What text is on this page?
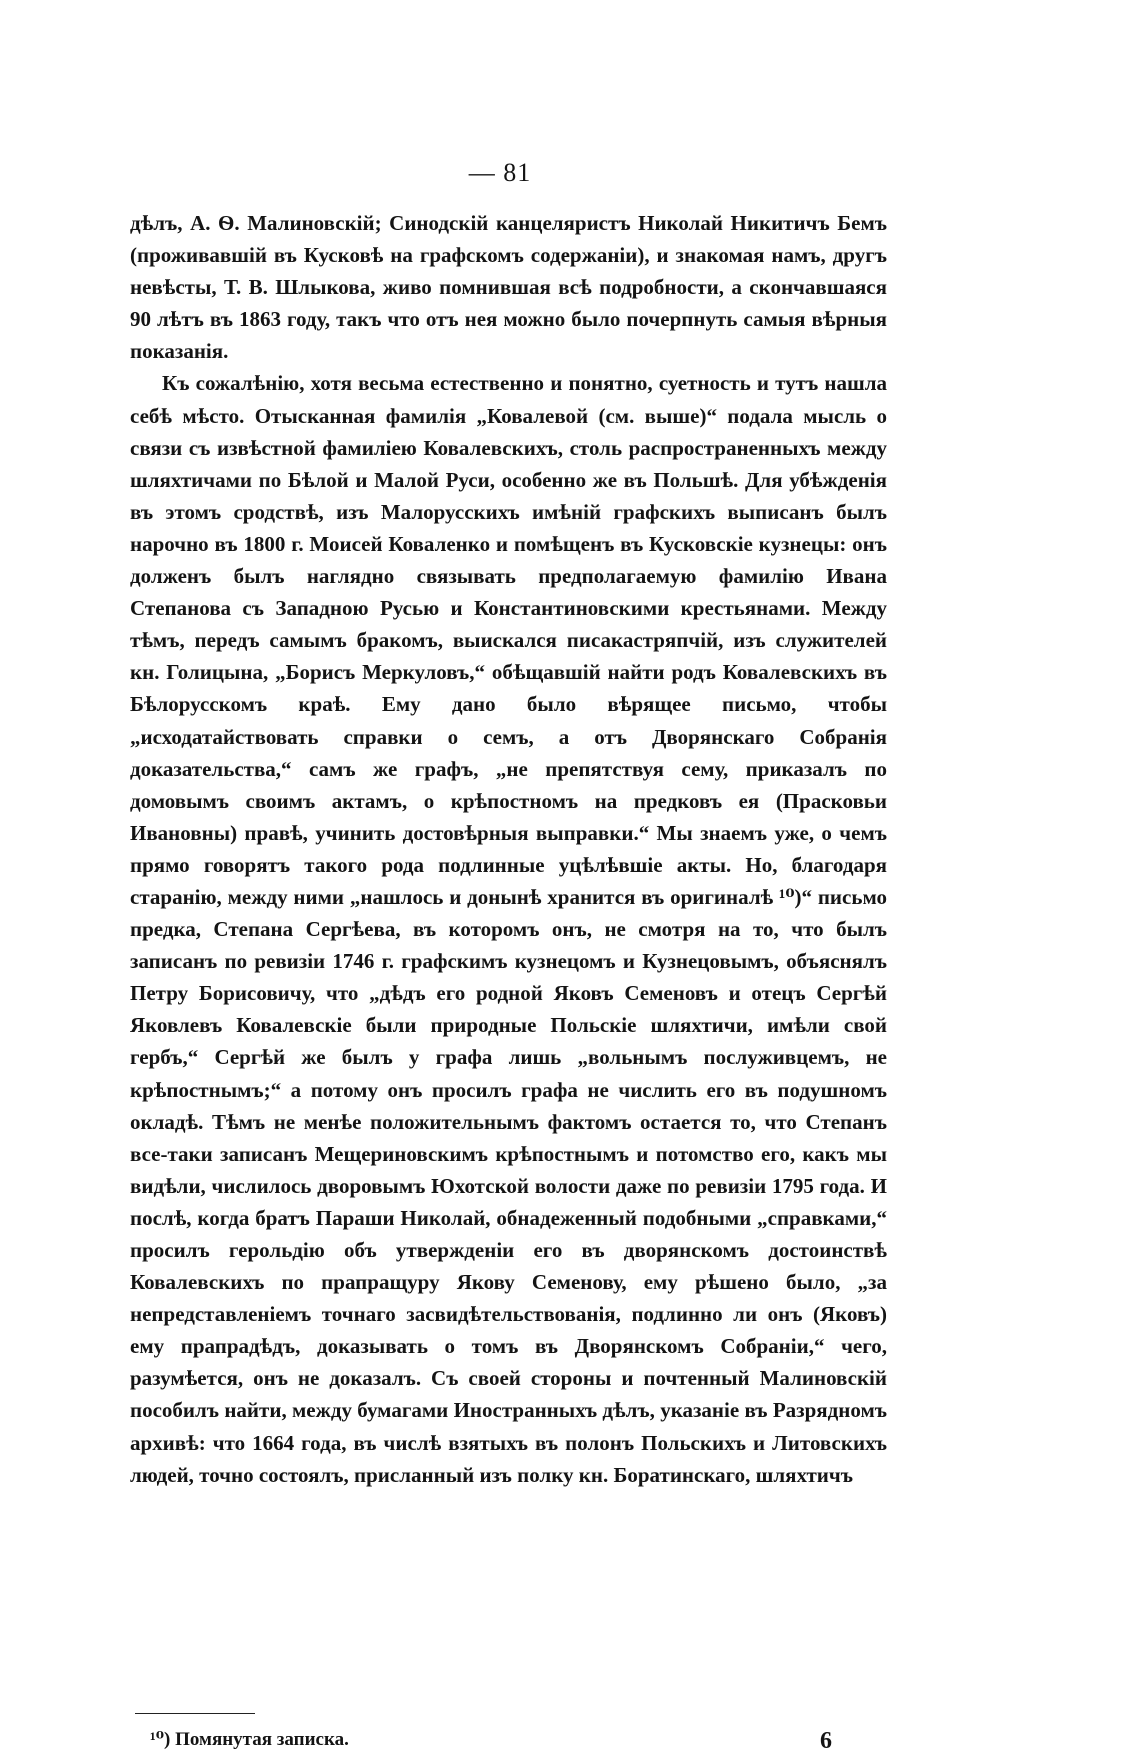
— 81

дѣлъ, А. Ѳ. Малиновскій; Синодскій канцеляристъ Николай Никитичъ Бемъ (проживавшій въ Кусковѣ на графскомъ содержаніи), и знакомая намъ, другъ невѣсты, Т. В. Шлыкова, живо помнившая всѣ подробности, а скончавшаяся 90 лѣтъ въ 1863 году, такъ что отъ нея можно было почерпнуть самыя вѣрныя показанія.

Къ сожалѣнію, хотя весьма естественно и понятно, суетность и тутъ нашла себѣ мѣсто. Отысканная фамилія „Ковалевой (см. выше)“ подала мысль о связи съ извѣстной фамиліею Ковалевскихъ, столь распространенныхъ между шляхтичами по Бѣлой и Малой Руси, особенно же въ Польшѣ. Для убѣжденія въ этомъ сродствѣ, изъ Малорусскихъ имѣній графскихъ выписанъ былъ нарочно въ 1800 г. Моисей Коваленко и помѣщенъ въ Кусковскіе кузнецы: онъ долженъ былъ наглядно связывать предполагаемую фамилію Ивана Степанова съ Западною Русью и Константиновскими крестьянами. Между тѣмъ, передъ самымъ бракомъ, выискался писакастряпчій, изъ служителей кн. Голицына, „Борисъ Меркуловъ,“ обѣщавшій найти родъ Ковалевскихъ въ Бѣлорусскомъ краѣ. Ему дано было вѣрящее письмо, чтобы „исходатайствовать справки о семъ, а отъ Дворянскаго Собранія доказательства,“ самъ же графъ, „не препятствуя сему, приказалъ по домовымъ своимъ актамъ, о крѣпостномъ на предковъ ея (Прасковьи Ивановны) правѣ, учинить достовѣрныя выправки.“ Мы знаемъ уже, о чемъ прямо говорятъ такого рода подлинные уцѣлѣвшіе акты. Но, благодаря старанію, между ними „нашлось и донынѣ хранится въ оригиналѣ ¹⁰)“ письмо предка, Степана Сергѣева, въ которомъ онъ, не смотря на то, что былъ записанъ по ревизіи 1746 г. графскимъ кузнецомъ и Кузнецовымъ, объяснялъ Петру Борисовичу, что „дѣдъ его родной Яковъ Семеновъ и отецъ Сергѣй Яковлевъ Ковалевскіе были природные Польскіе шляхтичи, имѣли свой гербъ,“ Сергѣй же былъ у графа лишь „вольнымъ послуживцемъ, не крѣпостнымъ;“ а потому онъ просилъ графа не числить его въ подушномъ окладѣ. Тѣмъ не менѣе положительнымъ фактомъ остается то, что Степанъ все-таки записанъ Мещериновскимъ крѣпостнымъ и потомство его, какъ мы видѣли, числилось дворовымъ Юхотской волости даже по ревизіи 1795 года. И послѣ, когда братъ Параши Николай, обнадеженный подобными „справками,“ просилъ герольдію объ утвержденіи его въ дворянскомъ достоинствѣ Ковалевскихъ по прапращуру Якову Семенову, ему рѣшено было, „за непредставленіемъ точнаго засвидѣтельствованія, подлинно ли онъ (Яковъ) ему прапрадѣдъ, доказывать о томъ въ Дворянскомъ Собраніи,“ чего, разумѣется, онъ не доказалъ. Съ своей стороны и почтенный Малиновскій пособилъ найти, между бумагами Иностранныхъ дѣлъ, указаніе въ Разрядномъ архивѣ: что 1664 года, въ числѣ взятыхъ въ полонъ Польскихъ и Литовскихъ людей, точно состоялъ, присланный изъ полку кн. Боратинскаго, шляхтичъ

¹⁰) Помянутая записка.	6
